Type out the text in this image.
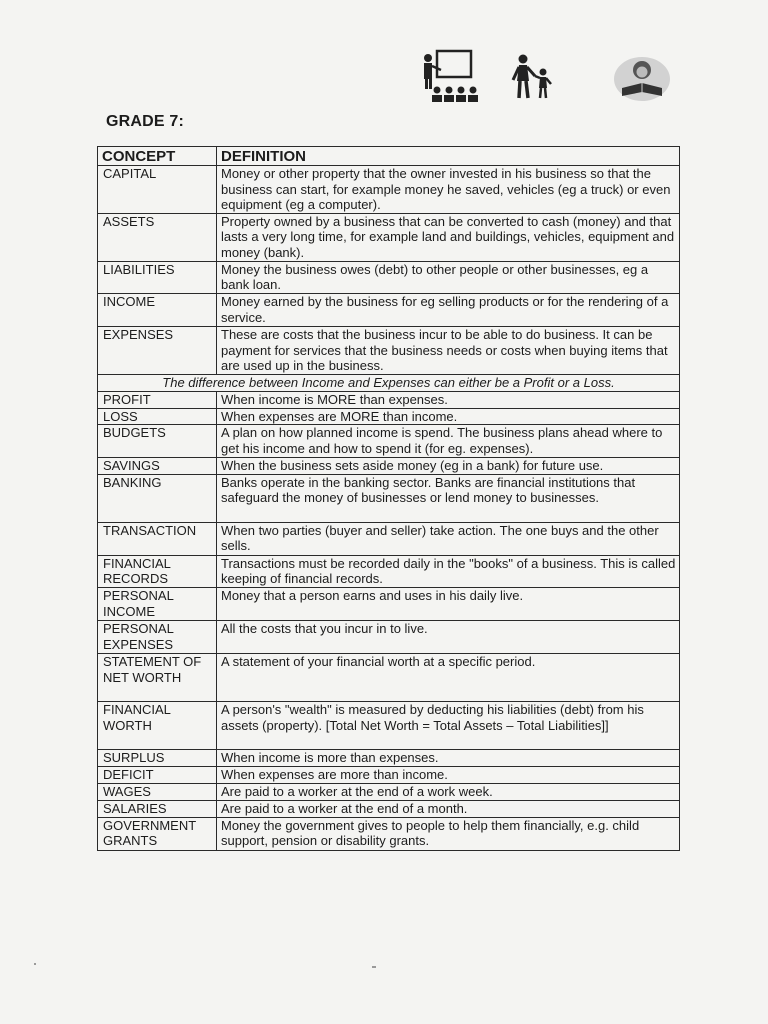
GRADE 7:
CONCEPT	DEFINITION
CAPITAL	Money or other property that the owner invested in his business so that the business can start, for example money he saved, vehicles (eg a truck) or even equipment (eg a computer).
ASSETS	Property owned by a business that can be converted to cash (money) and that lasts a very long time, for example land and buildings, vehicles, equipment and money (bank).
LIABILITIES	Money the business owes (debt) to other people or other businesses, eg a bank loan.
INCOME	Money earned by the business for eg selling products or for the rendering of a service.
EXPENSES	These are costs that the business incur to be able to do business. It can be payment for services that the business needs or costs when buying items that are used up in the business.
The difference between Income and Expenses can either be a Profit or a Loss.	
PROFIT	When income is MORE than expenses.
LOSS	When expenses are MORE than income.
BUDGETS	A plan on how planned income is spend. The business plans ahead where to get his income and how to spend it (for eg. expenses).
SAVINGS	When the business sets aside money (eg in a bank) for future use.
BANKING	Banks operate in the banking sector. Banks are financial institutions that safeguard the money of businesses or lend money to businesses.
TRANSACTION	When two parties (buyer and seller) take action. The one buys and the other sells.
FINANCIAL RECORDS	Transactions must be recorded daily in the "books" of a business. This is called keeping of financial records.
PERSONAL INCOME	Money that a person earns and uses in his daily live.
PERSONAL EXPENSES	All the costs that you incur in to live.
STATEMENT OF NET WORTH	A statement of your financial worth at a specific period.
FINANCIAL WORTH	A person's "wealth" is measured by deducting his liabilities (debt) from his assets (property). [Total Net Worth = Total Assets – Total Liabilities]]
SURPLUS	When income is more than expenses.
DEFICIT	When expenses are more than income.
WAGES	Are paid to a worker at the end of a work week.
SALARIES	Are paid to a worker at the end of a month.
GOVERNMENT GRANTS	Money the government gives to people to help them financially, e.g. child support, pension or disability grants.
